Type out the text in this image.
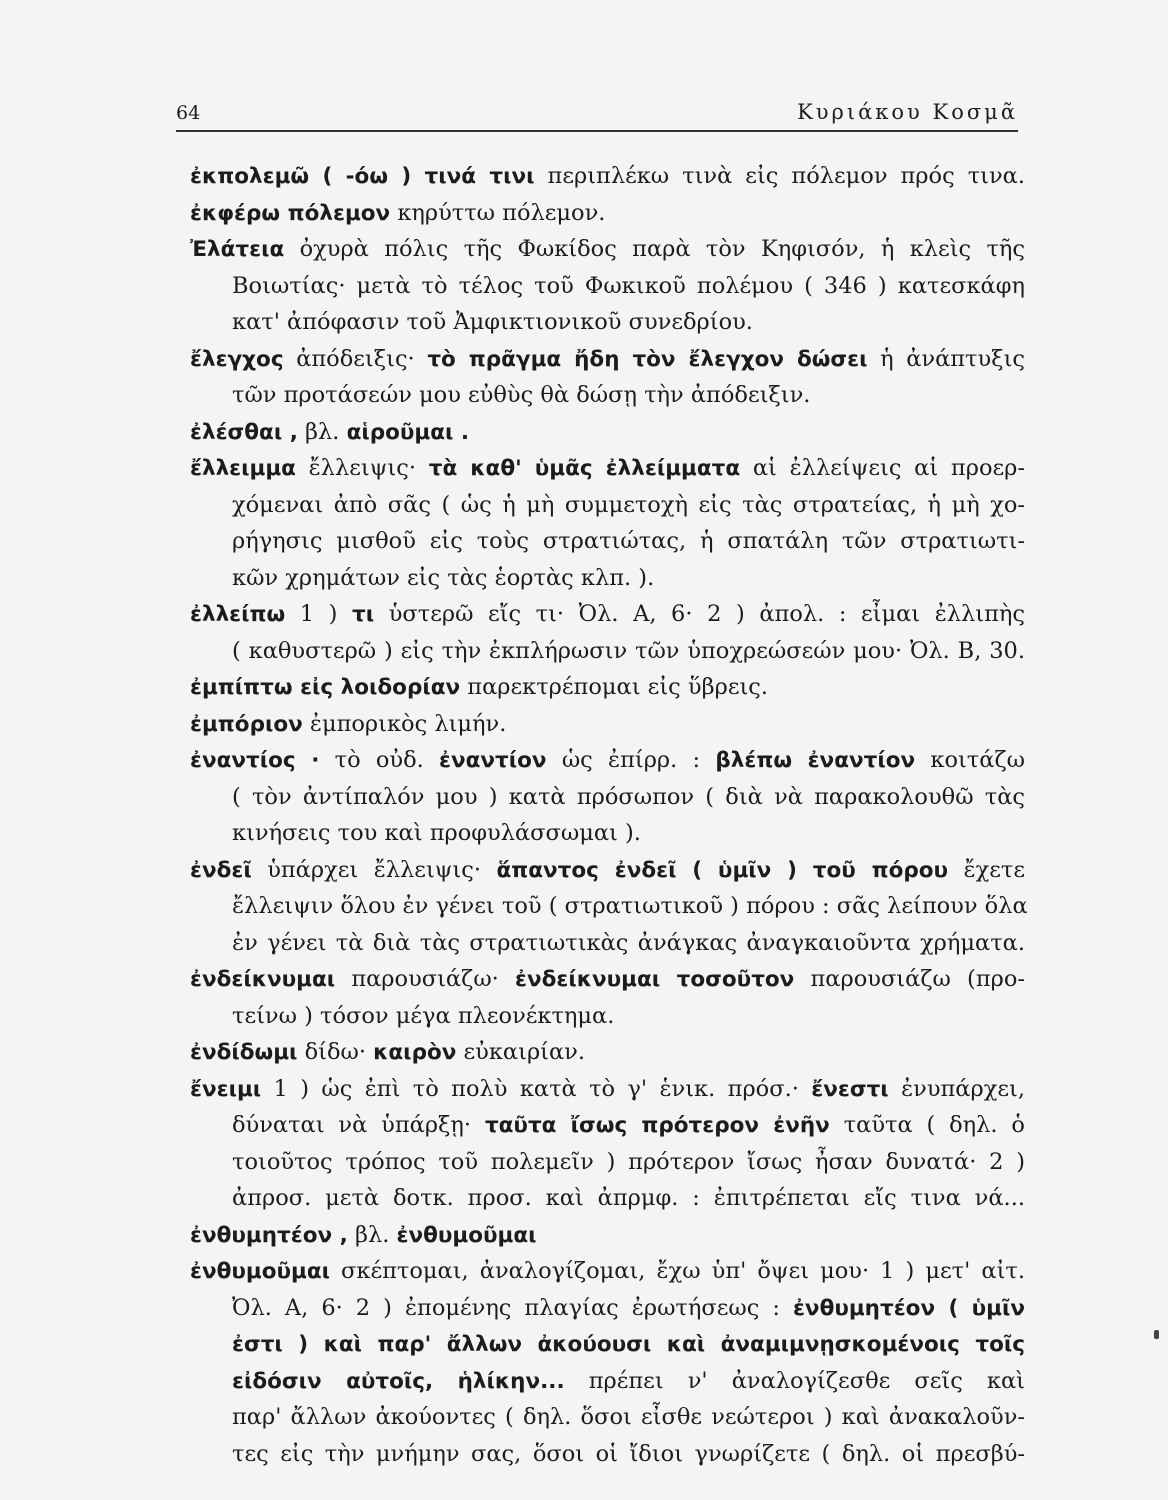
64	Κυριάκου Κοσμᾶ
ἐκπολεμῶ ( -όω ) τινά τινι περιπλέκω τινὰ εἰς πόλεμον πρός τινα.
ἐκφέρω πόλεμον κηρύττω πόλεμον.
Ἐλάτεια ὀχυρὰ πόλις τῆς Φωκίδος παρὰ τὸν Κηφισόν, ἡ κλεὶς τῆς
Βοιωτίας· μετὰ τὸ τέλος τοῦ Φωκικοῦ πολέμου ( 346 ) κατεσκάφη
κατ' ἀπόφασιν τοῦ Ἀμφικτιονικοῦ συνεδρίου.
ἔλεγχος ἀπόδειξις· τὸ πρᾶγμα ἤδη τὸν ἔλεγχον δώσει ἡ ἀνάπτυξις
τῶν προτάσεών μου εὐθὺς θὰ δώσῃ τὴν ἀπόδειξιν.
ἐλέσθαι , βλ. αἱροῦμαι .
ἔλλειμμα ἔλλειψις· τὰ καθ' ὑμᾶς ἐλλείμματα αἱ ἐλλείψεις αἱ προερ-
χόμεναι ἀπὸ σᾶς ( ὡς ἡ μὴ συμμετοχὴ εἰς τὰς στρατείας, ἡ μὴ χο-
ρήγησις μισθοῦ εἰς τοὺς στρατιώτας, ἡ σπατάλη τῶν στρατιωτι-
κῶν χρημάτων εἰς τὰς ἑορτὰς κλπ. ).
ἐλλείπω 1 ) τι ὑστερῶ εἴς τι· Ὀλ. Α, 6· 2 ) ἀπολ. : εἶμαι ἐλλιπὴς
( καθυστερῶ ) εἰς τὴν ἐκπλήρωσιν τῶν ὑποχρεώσεών μου· Ὀλ. Β, 30.
ἐμπίπτω εἰς λοιδορίαν παρεκτρέπομαι εἰς ὕβρεις.
ἐμπόριον ἐμπορικὸς λιμήν.
ἐναντίος · τὸ οὐδ. ἐναντίον ὡς ἐπίρρ. : βλέπω ἐναντίον κοιτάζω
( τὸν ἀντίπαλόν μου ) κατὰ πρόσωπον ( διὰ νὰ παρακολουθῶ τὰς
κινήσεις του καὶ προφυλάσσωμαι ).
ἐνδεῖ ὑπάρχει ἔλλειψις· ἅπαντος ἐνδεῖ ( ὑμῖν ) τοῦ πόρου ἔχετε
ἔλλειψιν ὅλου ἐν γένει τοῦ ( στρατιωτικοῦ ) πόρου : σᾶς λείπουν ὅλα
ἐν γένει τὰ διὰ τὰς στρατιωτικὰς ἀνάγκας ἀναγκαιοῦντα χρήματα.
ἐνδείκνυμαι παρουσιάζω· ἐνδείκνυμαι τοσοῦτον παρουσιάζω (προ-
τείνω ) τόσον μέγα πλεονέκτημα.
ἐνδίδωμι δίδω· καιρὸν εὐκαιρίαν.
ἔνειμι 1 ) ὡς ἐπὶ τὸ πολὺ κατὰ τὸ γ' ἑνικ. πρόσ.· ἔνεστι ἐνυπάρχει,
δύναται νὰ ὑπάρξῃ· ταῦτα ἴσως πρότερον ἐνῆν ταῦτα ( δηλ. ὁ
τοιοῦτος τρόπος τοῦ πολεμεῖν ) πρότερον ἴσως ἦσαν δυνατά· 2 )
ἀπροσ. μετὰ δοτκ. προσ. καὶ ἀπρμφ. : ἐπιτρέπεται εἴς τινα νά...
ἐνθυμητέον , βλ. ἐνθυμοῦμαι
ἐνθυμοῦμαι σκέπτομαι, ἀναλογίζομαι, ἔχω ὑπ' ὄψει μου· 1 ) μετ' αἰτ.
Ὀλ. Α, 6· 2 ) ἐπομένης πλαγίας ἐρωτήσεως : ἐνθυμητέον ( ὑμῖν
ἐστι ) καὶ παρ' ἄλλων ἀκούουσι καὶ ἀναμιμνῃσκομένοις τοῖς
εἰδόσιν αὐτοῖς, ἡλίκην... πρέπει ν' ἀναλογίζεσθε σεῖς καὶ
παρ' ἄλλων ἀκούοντες ( δηλ. ὅσοι εἶσθε νεώτεροι ) καὶ ἀνακαλοῦν-
τες εἰς τὴν μνήμην σας, ὅσοι οἱ ἴδιοι γνωρίζετε ( δηλ. οἱ πρεσβύ-
